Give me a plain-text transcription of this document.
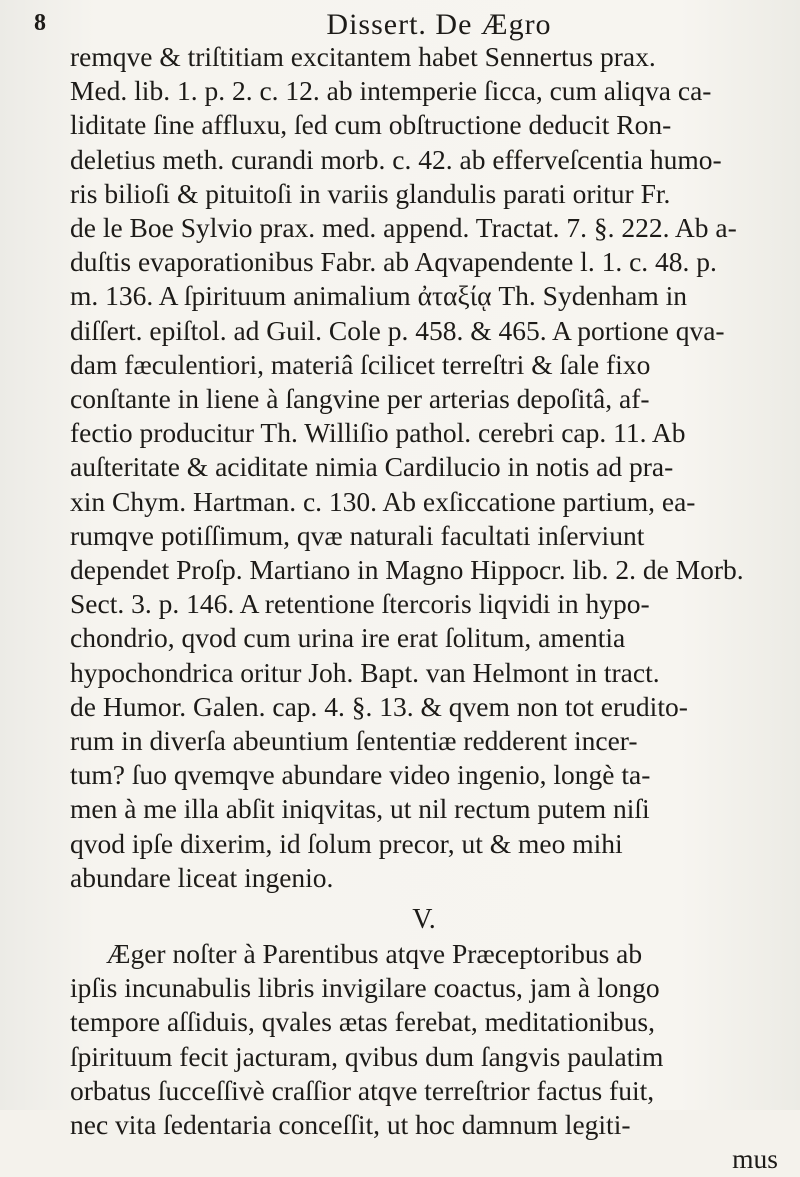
8	Dissert. De Ægro
remqve & triſtitiam excitantem habet Sennertus prax.
Med. lib. 1. p. 2. c. 12. ab intemperie ſicca, cum aliqva ca-
liditate ſine affluxu, ſed cum obſtructione deducit Ron-
deletius meth. curandi morb. c. 42. ab efferveſcentia humo-
ris bilioſi & pituitoſi in variis glandulis parati oritur Fr.
de le Boe Sylvio prax. med. append. Tractat. 7. §. 222. Ab a-
duſtis evaporationibus Fabr. ab Aqvapendente l. 1. c. 48. p.
m. 136. A ſpirituum animalium ἀταξίᾳ Th. Sydenham in
diſſert. epiſtol. ad Guil. Cole p. 458. & 465. A portione qva-
dam fæculentiori, materiâ ſcilicet terreſtri & ſale fixo
conſtante in liene à ſangvine per arterias depoſitâ, af-
fectio producitur Th. Williſio pathol. cerebri cap. 11. Ab
auſteritate & aciditate nimia Cardilucio in notis ad pra-
xin Chym. Hartman. c. 130. Ab exſiccatione partium, ea-
rumqve potiſſimum, qvæ naturali facultati inſerviunt
dependet Proſp. Martiano in Magno Hippocr. lib. 2. de Morb.
Sect. 3. p. 146. A retentione ſtercoris liqvidi in hypo-
chondrio, qvod cum urina ire erat ſolitum, amentia
hypochondrica oritur Joh. Bapt. van Helmont in tract.
de Humor. Galen. cap. 4. §. 13. & qvem non tot erudito-
rum in diverſa abeuntium ſententiæ redderent incer-
tum? ſuo qvemqve abundare video ingenio, longè ta-
men à me illa abſit iniqvitas, ut nil rectum putem niſi
qvod ipſe dixerim, id ſolum precor, ut & meo mihi
abundare liceat ingenio.
V.
Æger noſter à Parentibus atqve Præceptoribus ab
ipſis incunabulis libris invigilare coactus, jam à longo
tempore aſſiduis, qvales ætas ferebat, meditationibus,
ſpirituum fecit jacturam, qvibus dum ſangvis paulatim
orbatus ſucceſſivè craſſior atqve terreſtrior factus fuit,
nec vita ſedentaria conceſſit, ut hoc damnum legiti-
mus
